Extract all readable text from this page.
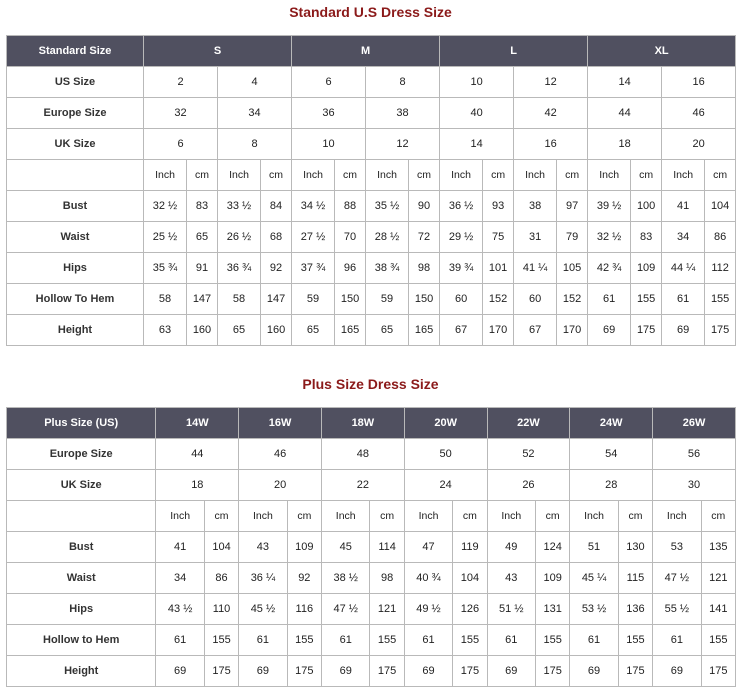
Standard U.S Dress Size
Standard Size	S				M				L				XL			
US Size	2		4		6		8		10		12		14		16	
Europe Size	32		34		36		38		40		42		44		46	
UK Size	6		8		10		12		14		16		18		20	
	Inch	cm	Inch	cm	Inch	cm	Inch	cm	Inch	cm	Inch	cm	Inch	cm	Inch	cm
Bust	32 ½	83	33 ½	84	34 ½	88	35 ½	90	36 ½	93	38	97	39 ½	100	41	104
Waist	25 ½	65	26 ½	68	27 ½	70	28 ½	72	29 ½	75	31	79	32 ½	83	34	86
Hips	35 ¾	91	36 ¾	92	37 ¾	96	38 ¾	98	39 ¾	101	41 ¼	105	42 ¾	109	44 ¼	112
Hollow To Hem	58	147	58	147	59	150	59	150	60	152	60	152	61	155	61	155
Height	63	160	65	160	65	165	65	165	67	170	67	170	69	175	69	175
Plus Size Dress Size
Plus Size (US)	14W		16W		18W		20W		22W		24W		26W	
Europe Size	44		46		48		50		52		54		56	
UK Size	18		20		22		24		26		28		30	
	Inch	cm	Inch	cm	Inch	cm	Inch	cm	Inch	cm	Inch	cm	Inch	cm
Bust	41	104	43	109	45	114	47	119	49	124	51	130	53	135
Waist	34	86	36 ¼	92	38 ½	98	40 ¾	104	43	109	45 ¼	115	47 ½	121
Hips	43 ½	110	45 ½	116	47 ½	121	49 ½	126	51 ½	131	53 ½	136	55 ½	141
Hollow to Hem	61	155	61	155	61	155	61	155	61	155	61	155	61	155
Height	69	175	69	175	69	175	69	175	69	175	69	175	69	175
